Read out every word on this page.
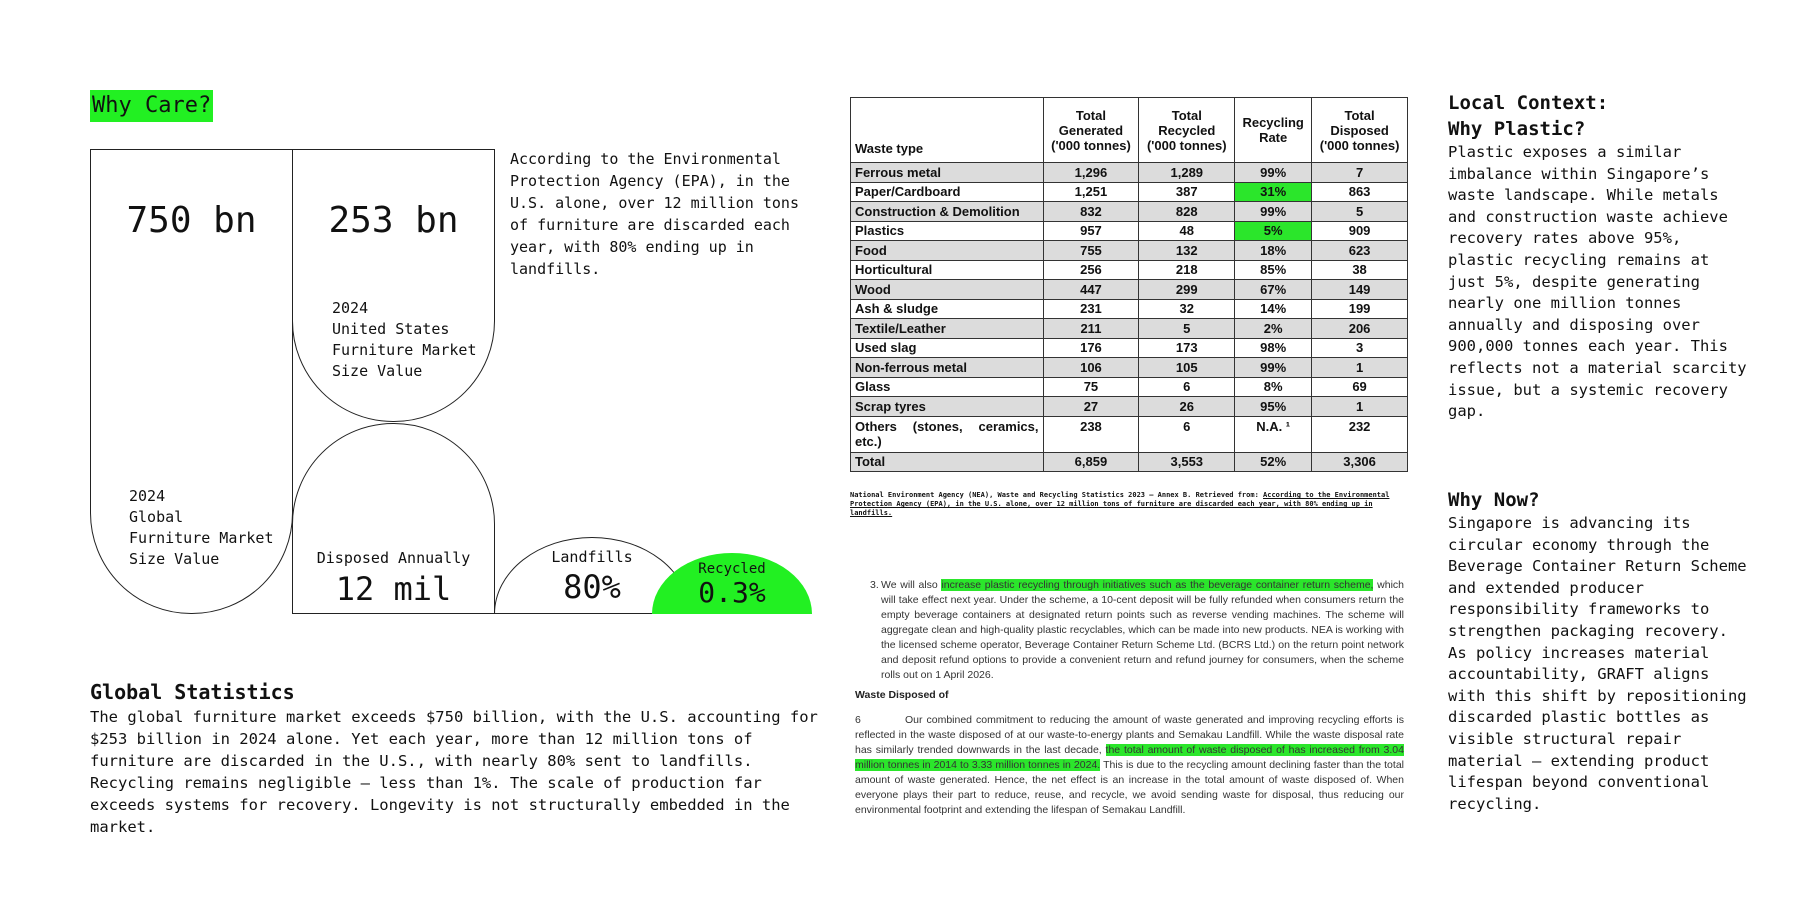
Why Care?
750 bn
2024
Global
Furniture Market
Size Value
253 bn
2024
United States
Furniture Market
Size Value
Disposed Annually
12 mil
Landfills
80%	Recycled
0.3%
According to the Environmental Protection Agency (EPA), in the U.S. alone, over 12 million tons of furniture are discarded each year, with 80% ending up in landfills.
Global Statistics
The global furniture market exceeds $750 billion, with the U.S. accounting for $253 billion in 2024 alone. Yet each year, more than 12 million tons of furniture are discarded in the U.S., with nearly 80% sent to landfills. Recycling remains negligible — less than 1%. The scale of production far exceeds systems for recovery. Longevity is not structurally embedded in the market.
Waste type	Total Generated ('000 tonnes)	Total Recycled ('000 tonnes)	Recycling Rate	Total Disposed ('000 tonnes)
Ferrous metal	1,296	1,289	99%	7
Paper/Cardboard	1,251	387	31%	863
Construction & Demolition	832	828	99%	5
Plastics	957	48	5%	909
Food	755	132	18%	623
Horticultural	256	218	85%	38
Wood	447	299	67%	149
Ash & sludge	231	32	14%	199
Textile/Leather	211	5	2%	206
Used slag	176	173	98%	3
Non-ferrous metal	106	105	99%	1
Glass	75	6	8%	69
Scrap tyres	27	26	95%	1
Others (stones, ceramics, etc.)	238	6	N.A. ¹	232
Total	6,859	3,553	52%	3,306
National Environment Agency (NEA), Waste and Recycling Statistics 2023 – Annex B. Retrieved from: According to the Environmental Protection Agency (EPA), in the U.S. alone, over 12 million tons of furniture are discarded each year, with 80% ending up in landfills.
3. We will also increase plastic recycling through initiatives such as the beverage container return scheme, which will take effect next year. Under the scheme, a 10-cent deposit will be fully refunded when consumers return the empty beverage containers at designated return points such as reverse vending machines. The scheme will aggregate clean and high-quality plastic recyclables, which can be made into new products. NEA is working with the licensed scheme operator, Beverage Container Return Scheme Ltd. (BCRS Ltd.) on the return point network and deposit refund options to provide a convenient return and refund journey for consumers, when the scheme rolls out on 1 April 2026.
Waste Disposed of
6	Our combined commitment to reducing the amount of waste generated and improving recycling efforts is reflected in the waste disposed of at our waste-to-energy plants and Semakau Landfill. While the waste disposal rate has similarly trended downwards in the last decade, the total amount of waste disposed of has increased from 3.04 million tonnes in 2014 to 3.33 million tonnes in 2024. This is due to the recycling amount declining faster than the total amount of waste generated. Hence, the net effect is an increase in the total amount of waste disposed of. When everyone plays their part to reduce, reuse, and recycle, we avoid sending waste for disposal, thus reducing our environmental footprint and extending the lifespan of Semakau Landfill.
Local Context:
Why Plastic?
Plastic exposes a similar imbalance within Singapore’s waste landscape. While metals and construction waste achieve recovery rates above 95%, plastic recycling remains at just 5%, despite generating nearly one million tonnes annually and disposing over 900,000 tonnes each year. This reflects not a material scarcity issue, but a systemic recovery gap.
Why Now?
Singapore is advancing its circular economy through the Beverage Container Return Scheme and extended producer responsibility frameworks to strengthen packaging recovery. As policy increases material accountability, GRAFT aligns with this shift by repositioning discarded plastic bottles as visible structural repair material — extending product lifespan beyond conventional recycling.
